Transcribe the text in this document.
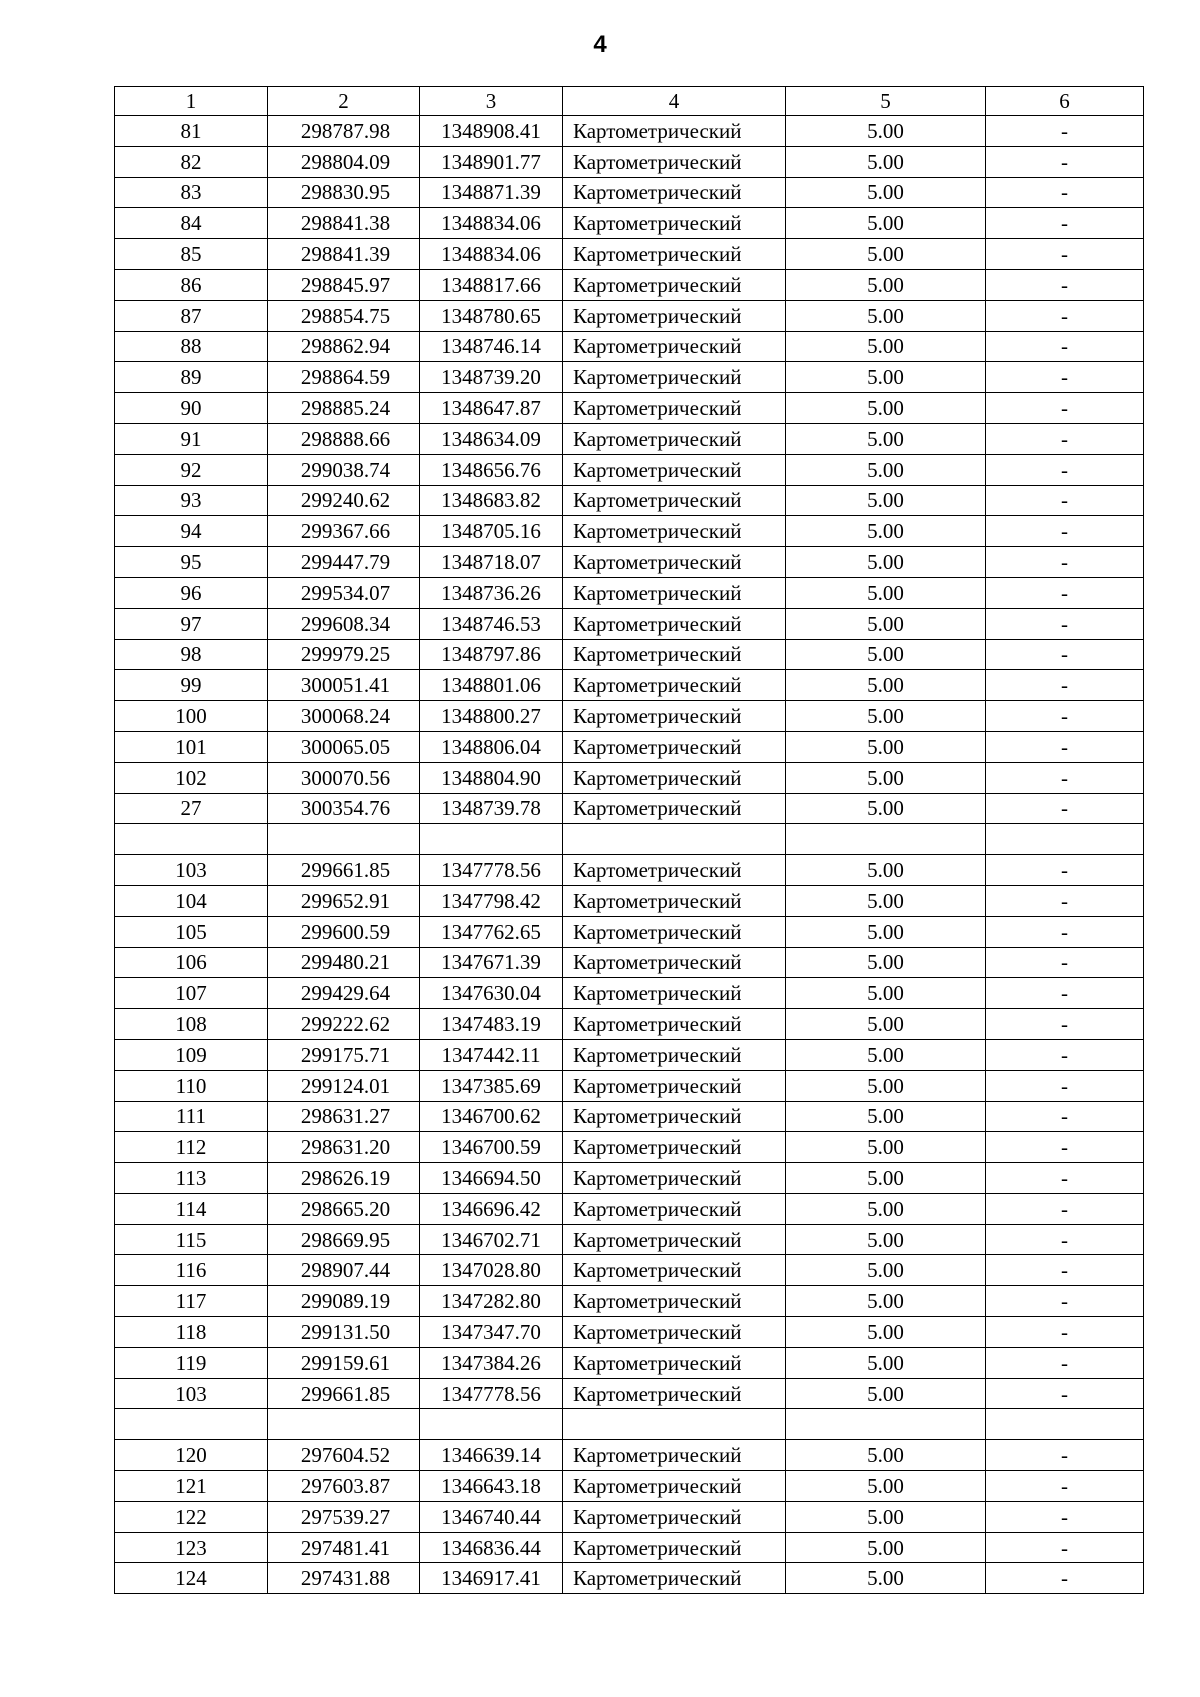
4
1	2	3	4	5	6
81	298787.98	1348908.41	Картометрический	5.00	-
82	298804.09	1348901.77	Картометрический	5.00	-
83	298830.95	1348871.39	Картометрический	5.00	-
84	298841.38	1348834.06	Картометрический	5.00	-
85	298841.39	1348834.06	Картометрический	5.00	-
86	298845.97	1348817.66	Картометрический	5.00	-
87	298854.75	1348780.65	Картометрический	5.00	-
88	298862.94	1348746.14	Картометрический	5.00	-
89	298864.59	1348739.20	Картометрический	5.00	-
90	298885.24	1348647.87	Картометрический	5.00	-
91	298888.66	1348634.09	Картометрический	5.00	-
92	299038.74	1348656.76	Картометрический	5.00	-
93	299240.62	1348683.82	Картометрический	5.00	-
94	299367.66	1348705.16	Картометрический	5.00	-
95	299447.79	1348718.07	Картометрический	5.00	-
96	299534.07	1348736.26	Картометрический	5.00	-
97	299608.34	1348746.53	Картометрический	5.00	-
98	299979.25	1348797.86	Картометрический	5.00	-
99	300051.41	1348801.06	Картометрический	5.00	-
100	300068.24	1348800.27	Картометрический	5.00	-
101	300065.05	1348806.04	Картометрический	5.00	-
102	300070.56	1348804.90	Картометрический	5.00	-
27	300354.76	1348739.78	Картометрический	5.00	-

103	299661.85	1347778.56	Картометрический	5.00	-
104	299652.91	1347798.42	Картометрический	5.00	-
105	299600.59	1347762.65	Картометрический	5.00	-
106	299480.21	1347671.39	Картометрический	5.00	-
107	299429.64	1347630.04	Картометрический	5.00	-
108	299222.62	1347483.19	Картометрический	5.00	-
109	299175.71	1347442.11	Картометрический	5.00	-
110	299124.01	1347385.69	Картометрический	5.00	-
111	298631.27	1346700.62	Картометрический	5.00	-
112	298631.20	1346700.59	Картометрический	5.00	-
113	298626.19	1346694.50	Картометрический	5.00	-
114	298665.20	1346696.42	Картометрический	5.00	-
115	298669.95	1346702.71	Картометрический	5.00	-
116	298907.44	1347028.80	Картометрический	5.00	-
117	299089.19	1347282.80	Картометрический	5.00	-
118	299131.50	1347347.70	Картометрический	5.00	-
119	299159.61	1347384.26	Картометрический	5.00	-
103	299661.85	1347778.56	Картометрический	5.00	-

120	297604.52	1346639.14	Картометрический	5.00	-
121	297603.87	1346643.18	Картометрический	5.00	-
122	297539.27	1346740.44	Картометрический	5.00	-
123	297481.41	1346836.44	Картометрический	5.00	-
124	297431.88	1346917.41	Картометрический	5.00	-
